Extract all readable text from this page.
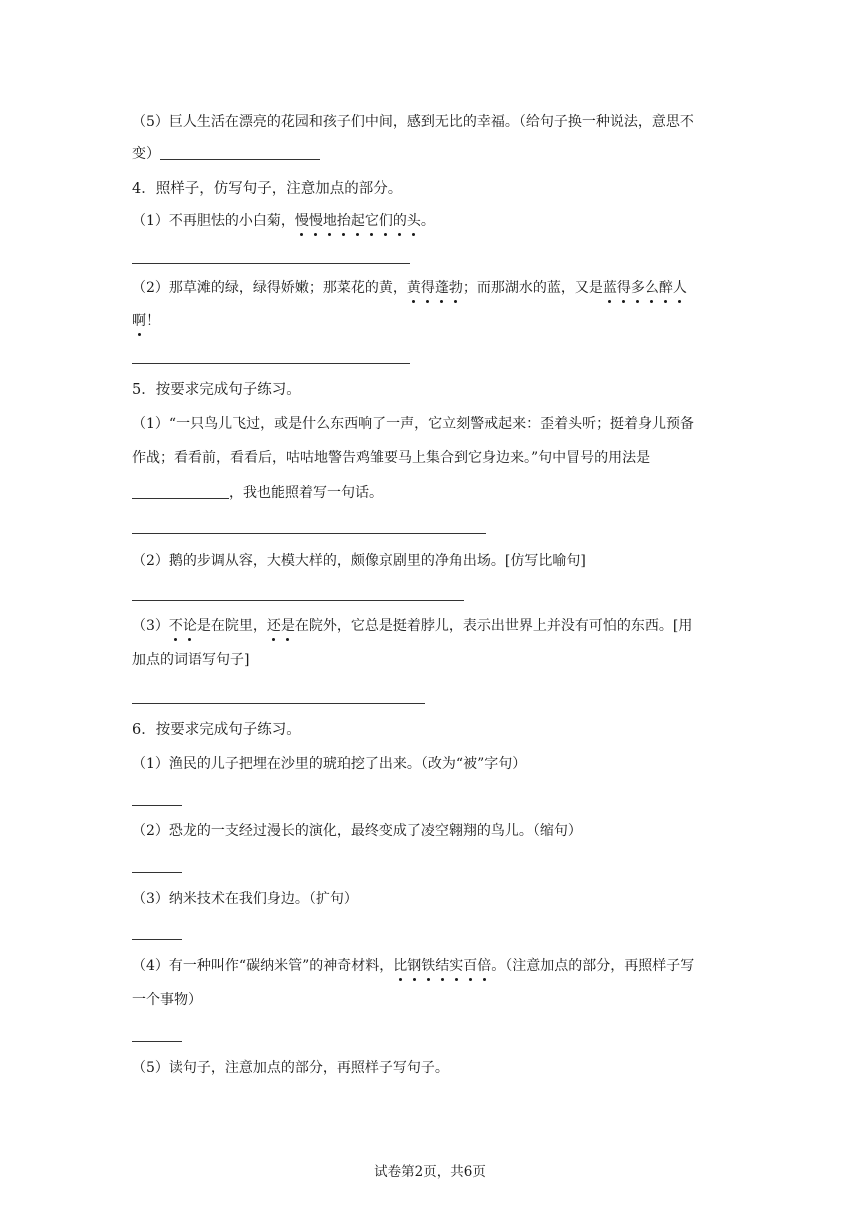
（5）巨人生活在漂亮的花园和孩子们中间，感到无比的幸福。（给句子换一种说法，意思不
变）
4．照样子，仿写句子，注意加点的部分。
（1）不再胆怯的小白菊，慢慢地抬起它们的头。
（2）那草滩的绿，绿得娇嫩；那菜花的黄，黄得蓬勃；而那湖水的蓝，又是蓝得多么醉人
啊！
5．按要求完成句子练习。
（1）“一只鸟儿飞过，或是什么东西响了一声，它立刻警戒起来：歪着头听；挺着身儿预备
作战；看看前，看看后，咕咕地警告鸡雏要马上集合到它身边来。”句中冒号的用法是
，我也能照着写一句话。
（2）鹅的步调从容，大模大样的，颇像京剧里的净角出场。[仿写比喻句]
（3）不论是在院里，还是在院外，它总是挺着脖儿，表示出世界上并没有可怕的东西。[用
加点的词语写句子]
6．按要求完成句子练习。
（1）渔民的儿子把埋在沙里的琥珀挖了出来。（改为“被”字句）
（2）恐龙的一支经过漫长的演化，最终变成了凌空翱翔的鸟儿。（缩句）
（3）纳米技术在我们身边。（扩句）
（4）有一种叫作“碳纳米管”的神奇材料，比钢铁结实百倍。（注意加点的部分，再照样子写
一个事物）
（5）读句子，注意加点的部分，再照样子写句子。
试卷第2页，共6页
